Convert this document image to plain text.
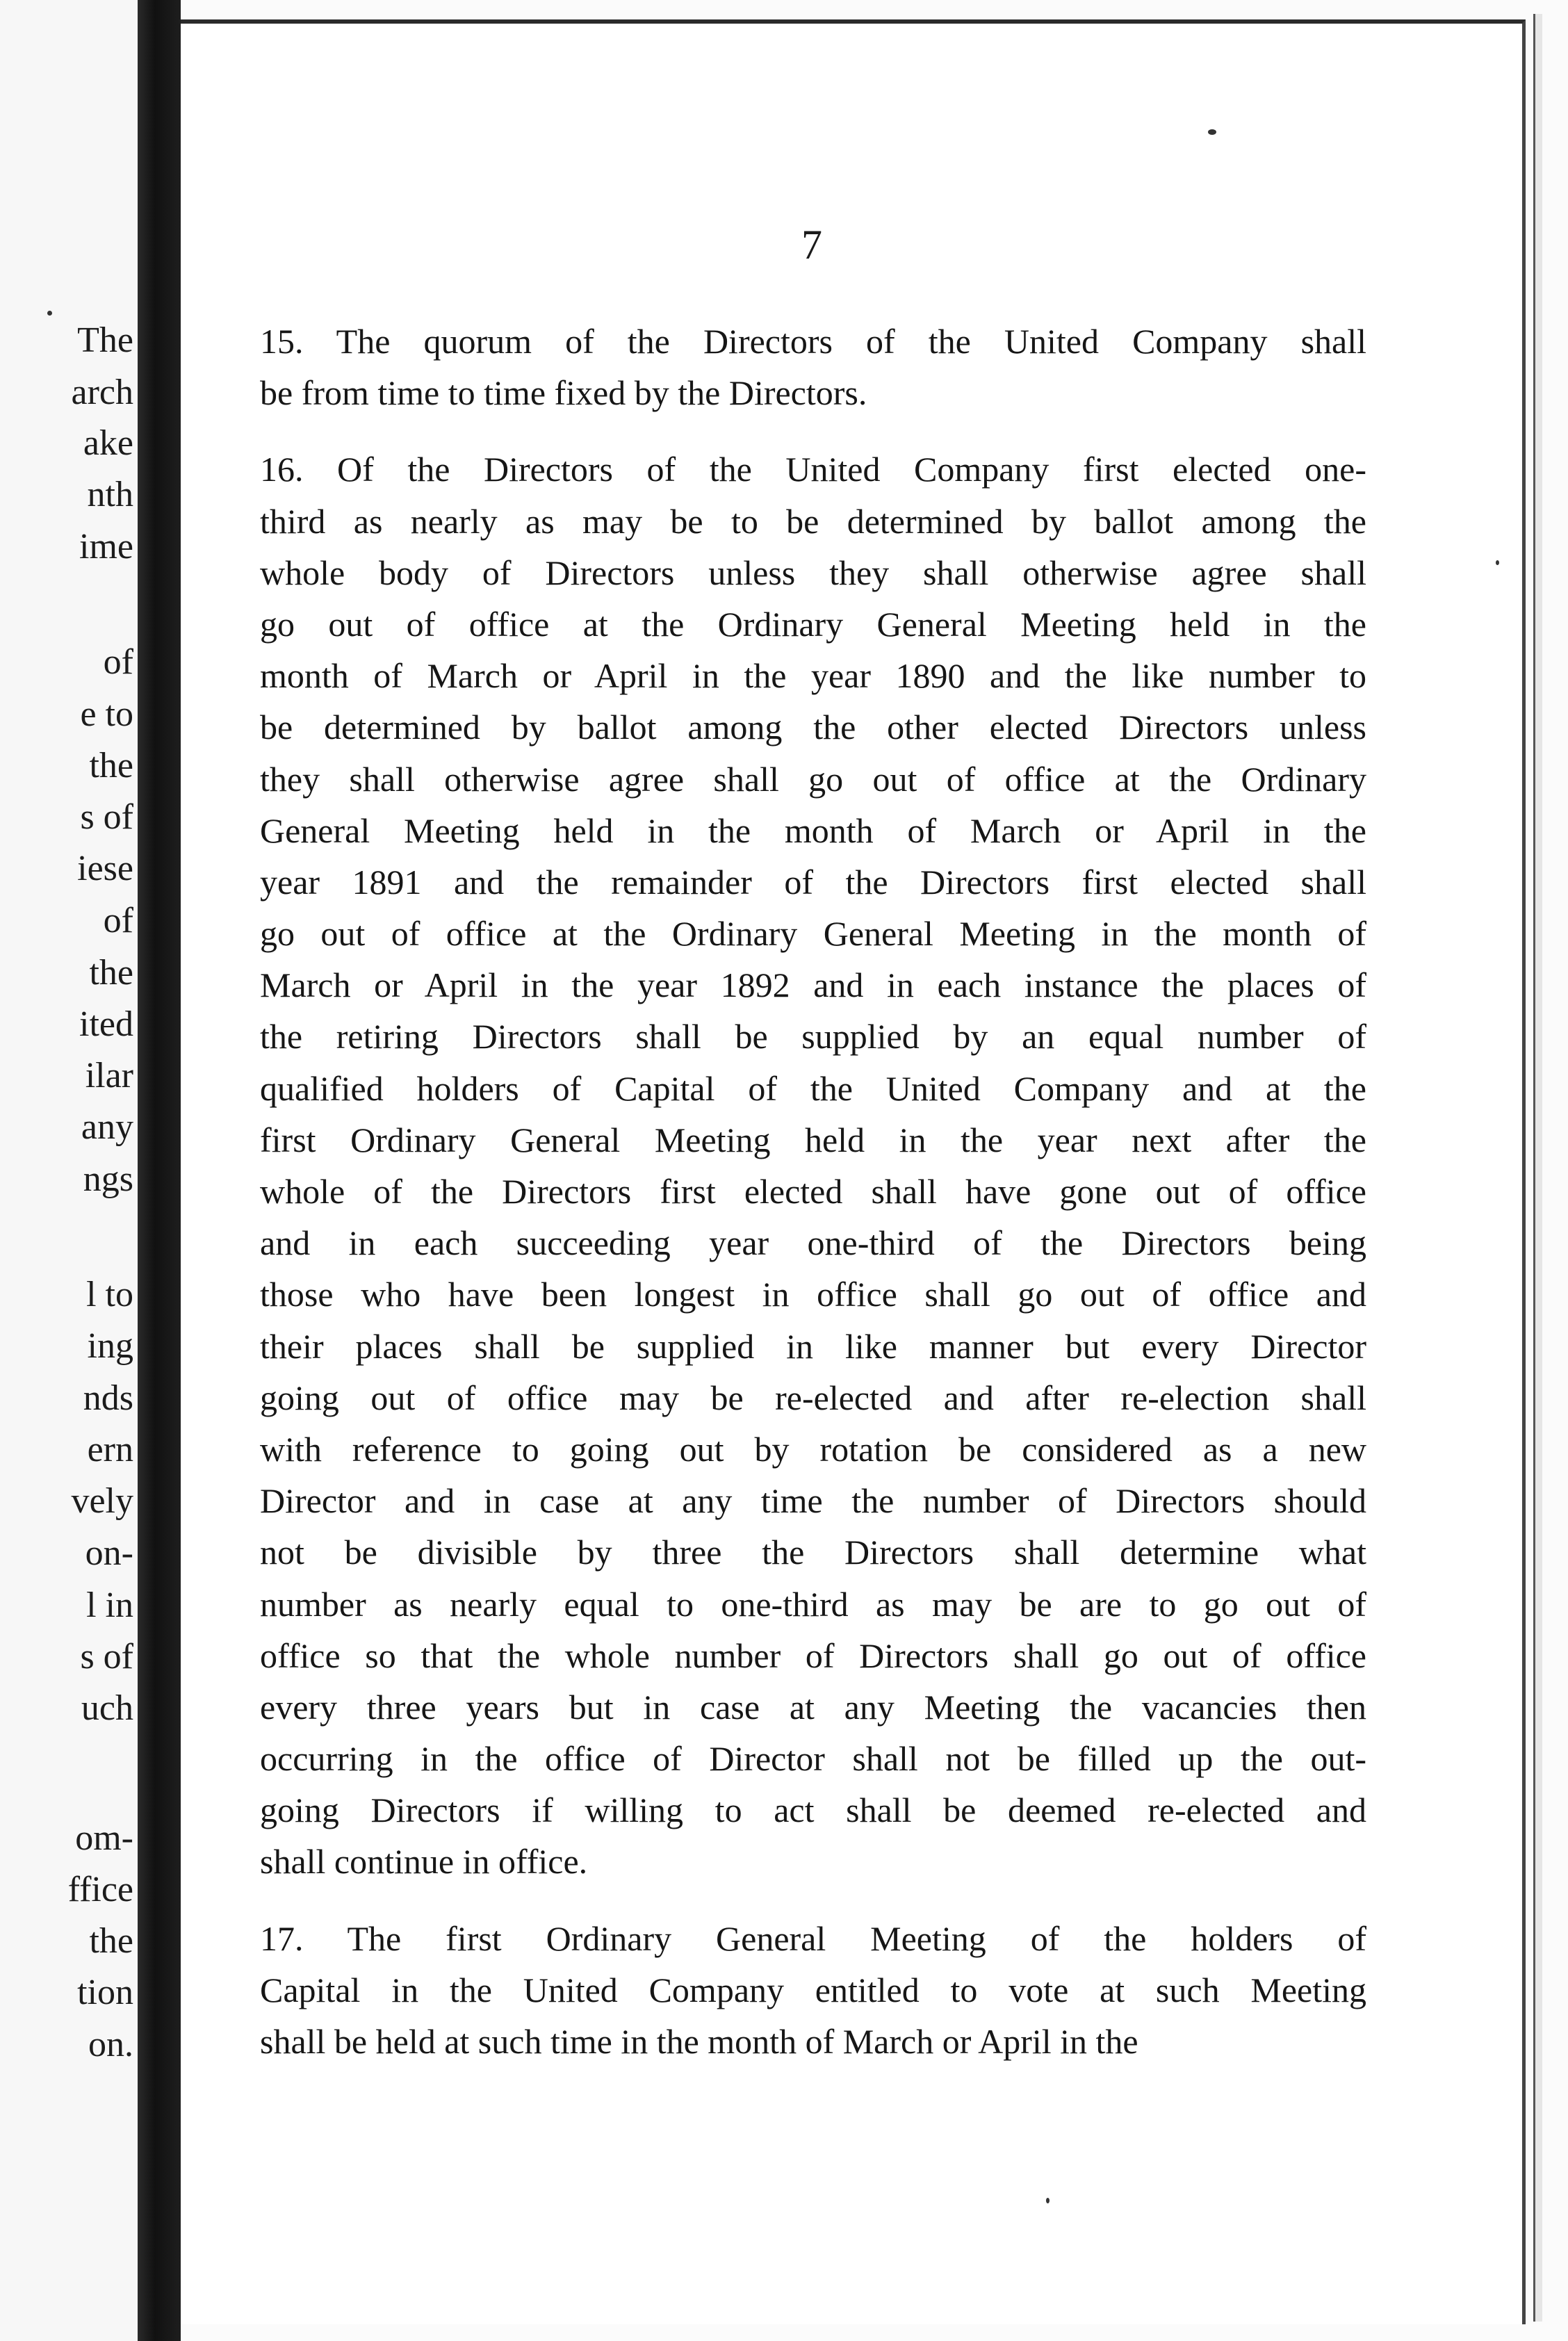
The
arch
ake
nth
ime
of
e to
the
s of
iese
of
the
ited
ilar
any
ngs
l to
ing
nds
ern
vely
on-
l in
s of
uch
om-
ffice
the
tion
on.
7
15. The quorum of the Directors of the United Company shall
be from time to time fixed by the Directors.
16. Of the Directors of the United Company first elected one-
third as nearly as may be to be determined by ballot among the
whole body of Directors unless they shall otherwise agree shall
go out of office at the Ordinary General Meeting held in the
month of March or April in the year 1890 and the like number to
be determined by ballot among the other elected Directors unless
they shall otherwise agree shall go out of office at the Ordinary
General Meeting held in the month of March or April in the
year 1891 and the remainder of the Directors first elected shall
go out of office at the Ordinary General Meeting in the month of
March or April in the year 1892 and in each instance the places of
the retiring Directors shall be supplied by an equal number of
qualified holders of Capital of the United Company and at the
first Ordinary General Meeting held in the year next after the
whole of the Directors first elected shall have gone out of office
and in each succeeding year one-third of the Directors being
those who have been longest in office shall go out of office and
their places shall be supplied in like manner but every Director
going out of office may be re-elected and after re-election shall
with reference to going out by rotation be considered as a new
Director and in case at any time the number of Directors should
not be divisible by three the Directors shall determine what
number as nearly equal to one-third as may be are to go out of
office so that the whole number of Directors shall go out of office
every three years but in case at any Meeting the vacancies then
occurring in the office of Director shall not be filled up the out-
going Directors if willing to act shall be deemed re-elected and
shall continue in office.
17. The first Ordinary General Meeting of the holders of
Capital in the United Company entitled to vote at such Meeting
shall be held at such time in the month of March or April in the
